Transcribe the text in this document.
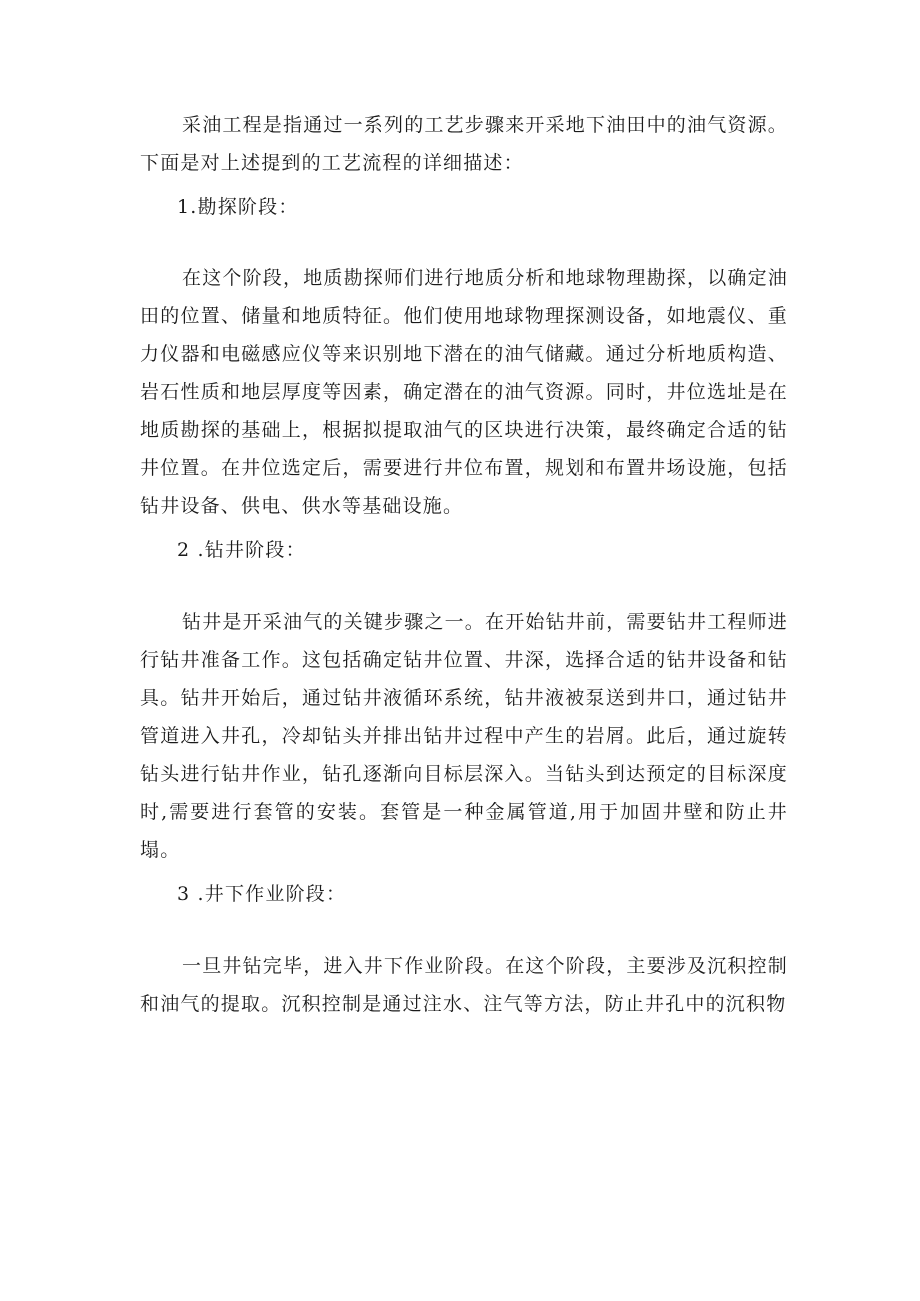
采油工程是指通过一系列的工艺步骤来开采地下油田中的油气资源。下面是对上述提到的工艺流程的详细描述：

1.勘探阶段：

在这个阶段，地质勘探师们进行地质分析和地球物理勘探，以确定油田的位置、储量和地质特征。他们使用地球物理探测设备，如地震仪、重力仪器和电磁感应仪等来识别地下潜在的油气储藏。通过分析地质构造、岩石性质和地层厚度等因素，确定潜在的油气资源。同时，井位选址是在地质勘探的基础上，根据拟提取油气的区块进行决策，最终确定合适的钻井位置。在井位选定后，需要进行井位布置，规划和布置井场设施，包括钻井设备、供电、供水等基础设施。

2 .钻井阶段：

钻井是开采油气的关键步骤之一。在开始钻井前，需要钻井工程师进行钻井准备工作。这包括确定钻井位置、井深，选择合适的钻井设备和钻具。钻井开始后，通过钻井液循环系统，钻井液被泵送到井口，通过钻井管道进入井孔，冷却钻头并排出钻井过程中产生的岩屑。此后，通过旋转钻头进行钻井作业，钻孔逐渐向目标层深入。当钻头到达预定的目标深度时,需要进行套管的安装。套管是一种金属管道,用于加固井壁和防止井塌。

3 .井下作业阶段：

一旦井钻完毕，进入井下作业阶段。在这个阶段，主要涉及沉积控制和油气的提取。沉积控制是通过注水、注气等方法，防止井孔中的沉积物
